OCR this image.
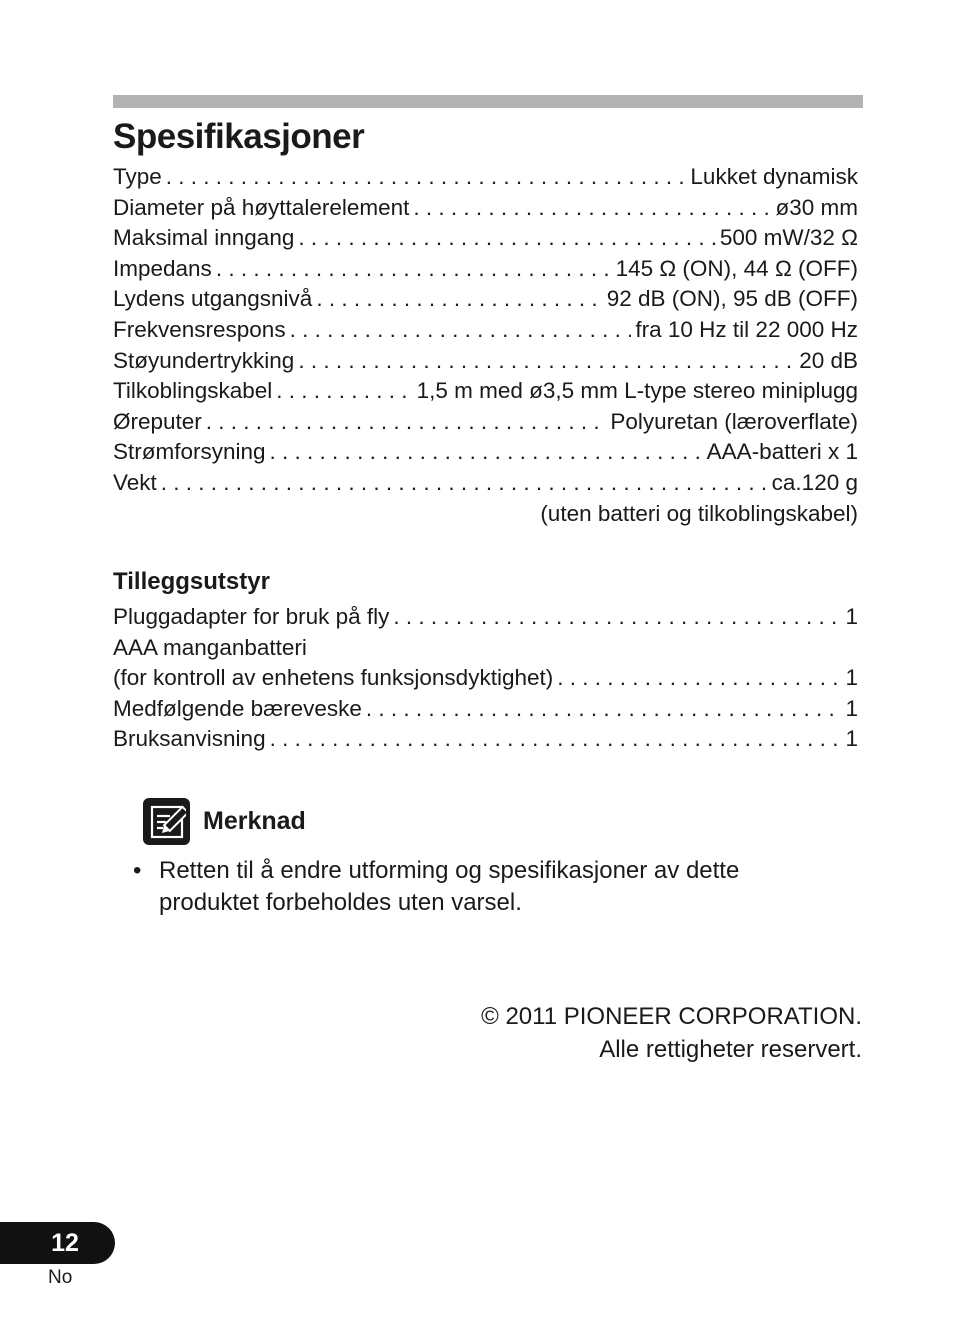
Spesifikasjoner
Type . . .	Lukket dynamisk
Diameter på høyttalerelement . . .	ø30 mm
Maksimal inngang . . .	500 mW/32 Ω
Impedans . . .	145 Ω (ON), 44 Ω (OFF)
Lydens utgangsnivå . . .	92 dB (ON), 95 dB (OFF)
Frekvensrespons . . .	fra 10 Hz til 22 000 Hz
Støyundertrykking . . .	20 dB
Tilkoblingskabel . . .	1,5 m med ø3,5 mm L-type stereo miniplugg
Øreputer . . .	Polyuretan (læroverflate)
Strømforsyning . . .	AAA-batteri x 1
Vekt . . .	ca.120 g
(uten batteri og tilkoblingskabel)
Tilleggsutstyr
Pluggadapter for bruk på fly . . .	1
AAA manganbatteri
(for kontroll av enhetens funksjonsdyktighet) . . .	1
Medfølgende bæreveske . . .	1
Bruksanvisning . . .	1
Merknad
• Retten til å endre utforming og spesifikasjoner av dette
produktet forbeholdes uten varsel.
© 2011 PIONEER CORPORATION.
Alle rettigheter reservert.
12
No
